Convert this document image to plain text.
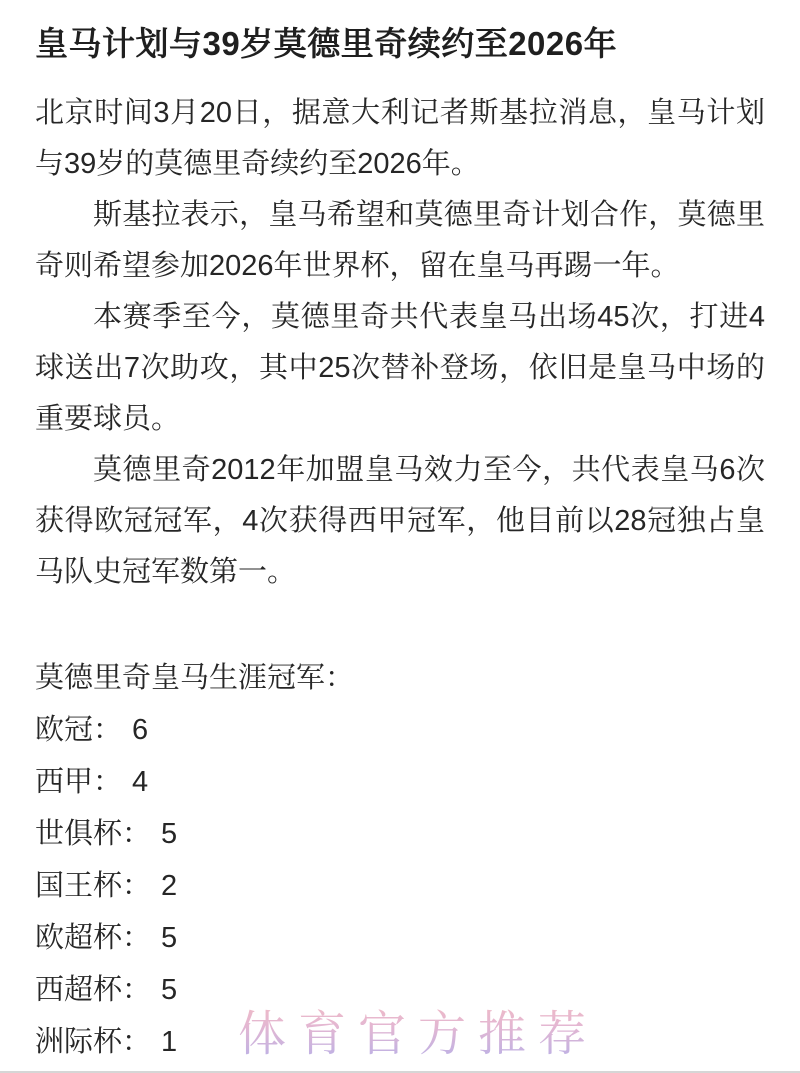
皇马计划与39岁莫德里奇续约至2026年

北京时间3月20日，据意大利记者斯基拉消息，皇马计划与39岁的莫德里奇续约至2026年。

斯基拉表示，皇马希望和莫德里奇计划合作，莫德里奇则希望参加2026年世界杯，留在皇马再踢一年。

本赛季至今，莫德里奇共代表皇马出场45次，打进4球送出7次助攻，其中25次替补登场，依旧是皇马中场的重要球员。

莫德里奇2012年加盟皇马效力至今，共代表皇马6次获得欧冠冠军，4次获得西甲冠军，他目前以28冠独占皇马队史冠军数第一。

莫德里奇皇马生涯冠军：
欧冠： 6
西甲： 4
世俱杯： 5
国王杯： 2
欧超杯： 5
西超杯： 5
洲际杯： 1	体育官方推荐
